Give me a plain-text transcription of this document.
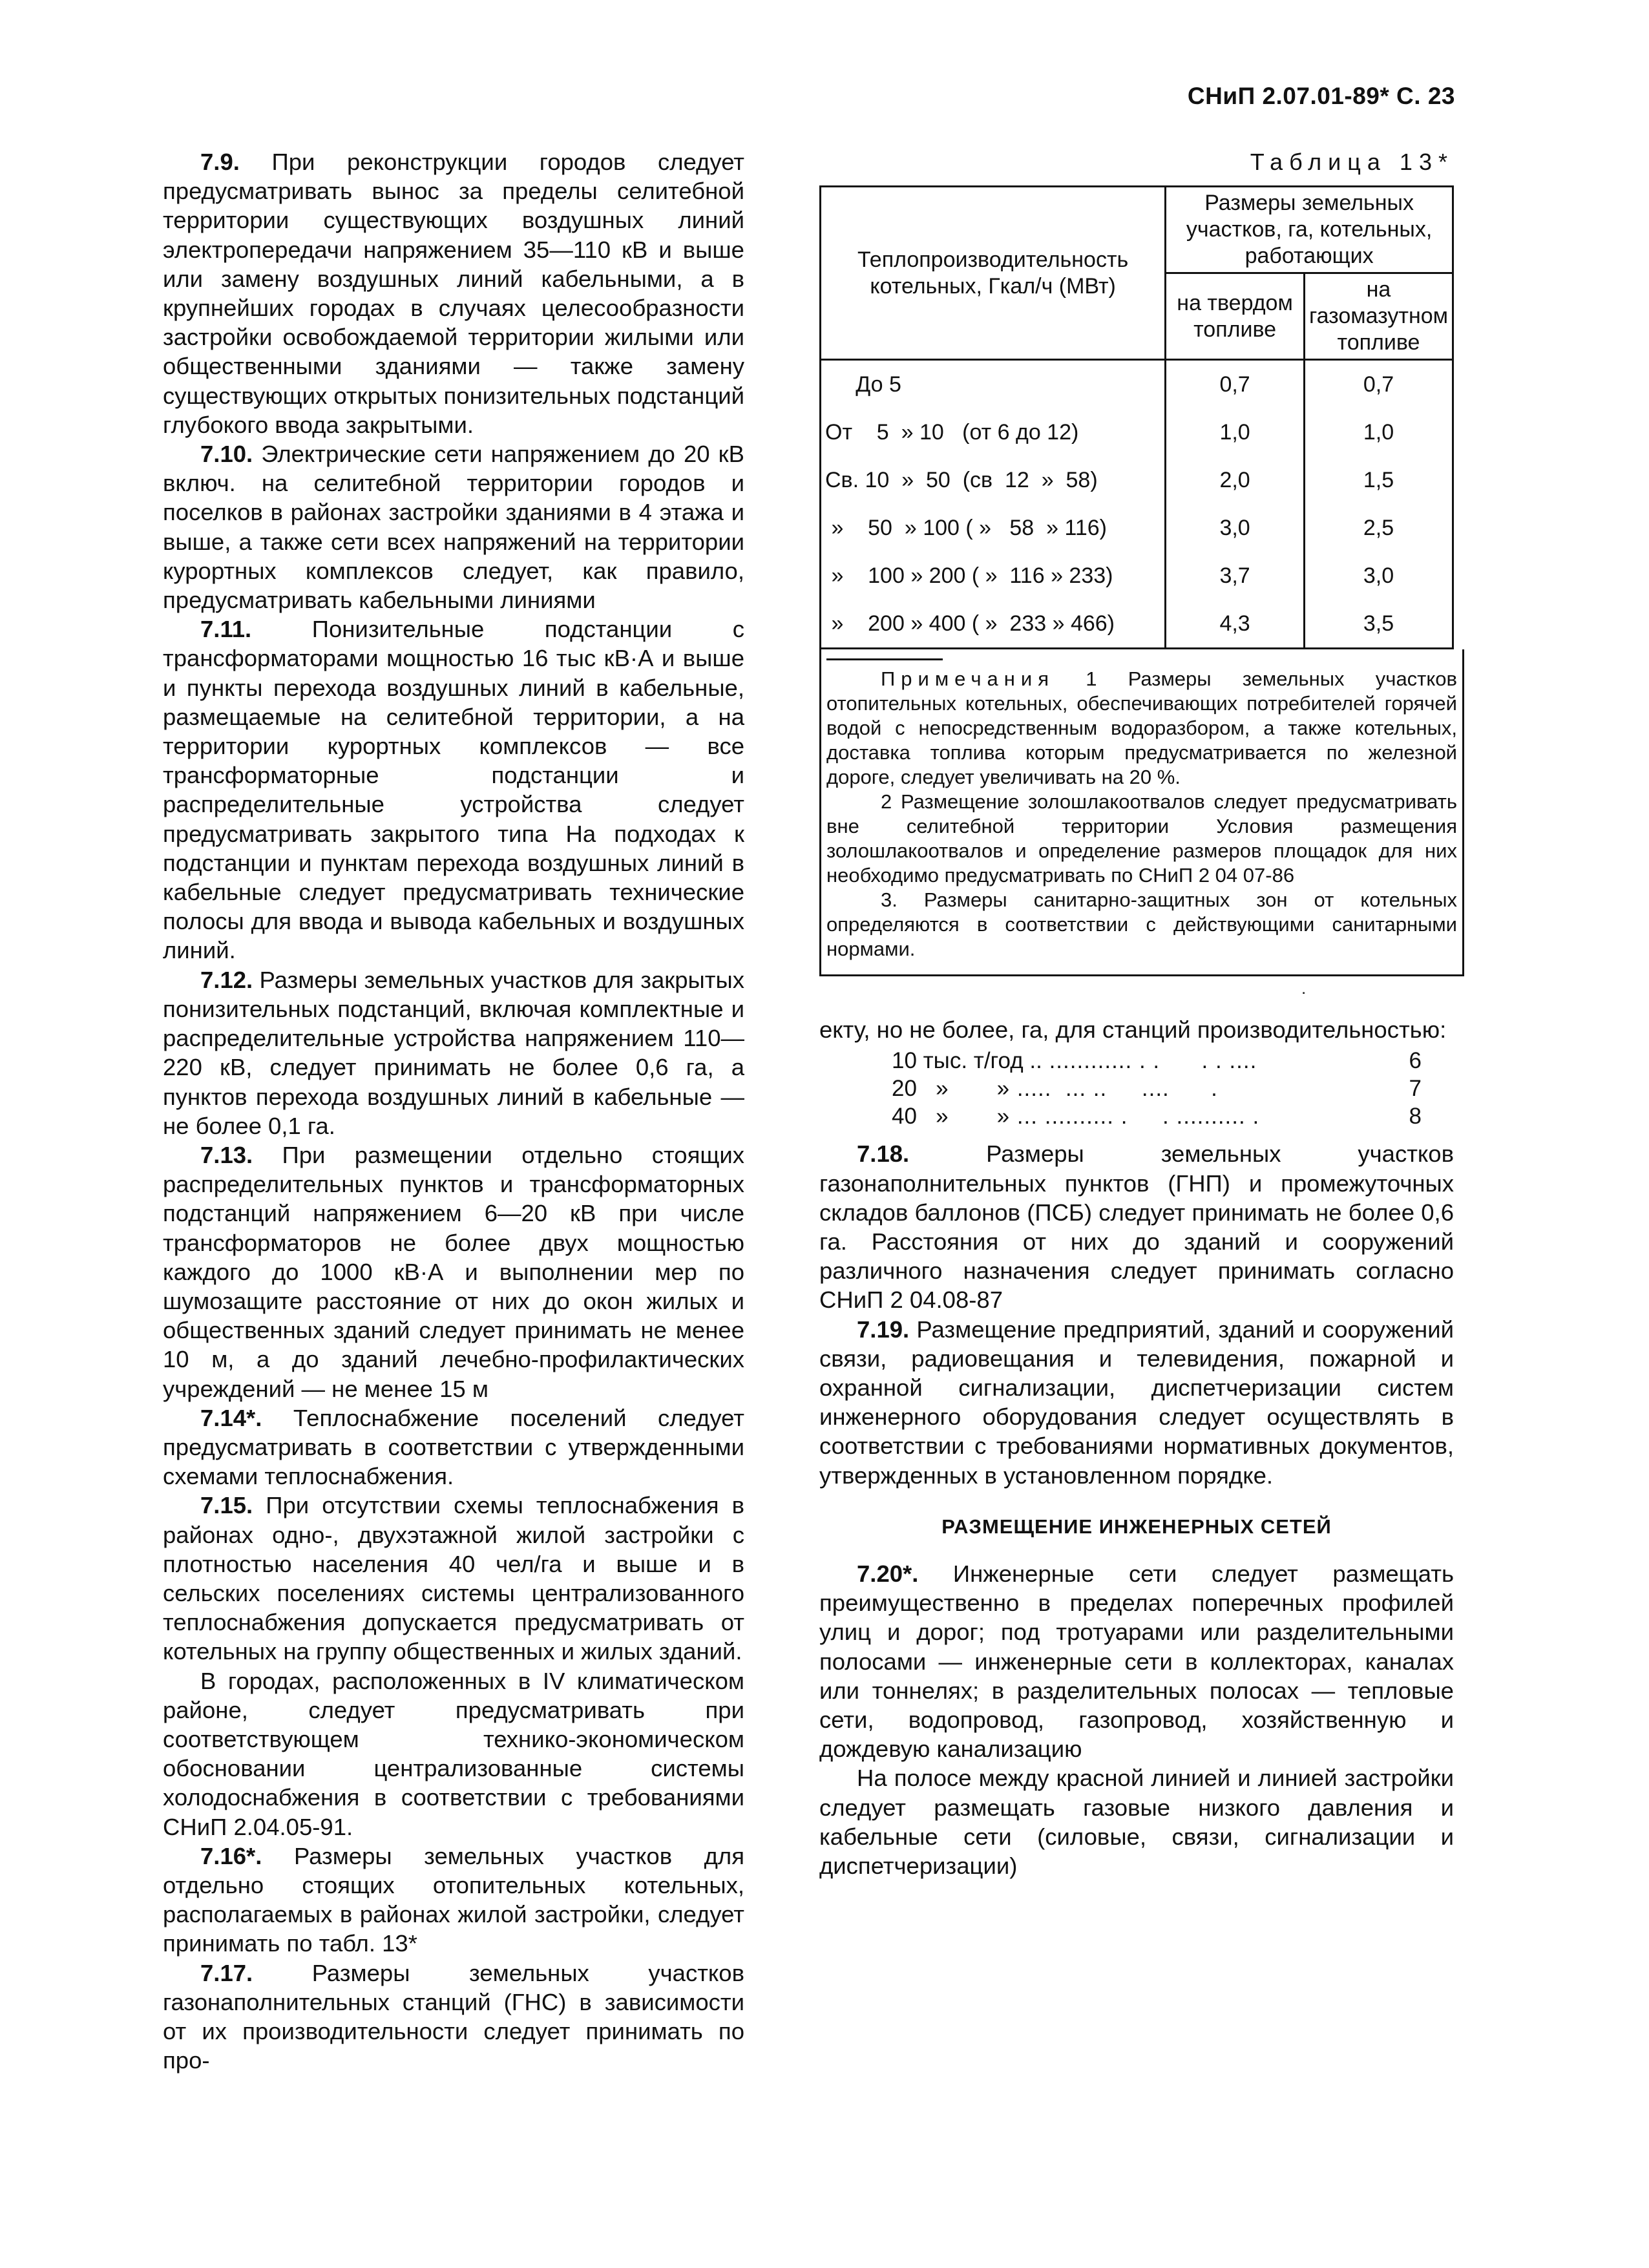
СНиП 2.07.01-89* С. 23

7.9. При реконструкции городов следует предусматривать вынос за пределы селитебной территории существующих воздушных линий электропередачи напряжением 35—110 кВ и выше или замену воздушных линий кабельными, а в крупнейших городах в случаях целесообразности застройки освобождаемой территории жилыми или общественными зданиями — также замену существующих открытых понизительных подстанций глубокого ввода закрытыми.

7.10. Электрические сети напряжением до 20 кВ включ. на селитебной территории городов и поселков в районах застройки зданиями в 4 этажа и выше, а также сети всех напряжений на территории курортных комплексов следует, как правило, предусматривать кабельными линиями

7.11. Понизительные подстанции с трансформаторами мощностью 16 тыс кВ·А и выше и пункты перехода воздушных линий в кабельные, размещаемые на селитебной территории, а на территории курортных комплексов — все трансформаторные подстанции и распределительные устройства следует предусматривать закрытого типа На подходах к подстанции и пунктам перехода воздушных линий в кабельные следует предусматривать технические полосы для ввода и вывода кабельных и воздушных линий.

7.12. Размеры земельных участков для закрытых понизительных подстанций, включая комплектные и распределительные устройства напряжением 110—220 кВ, следует принимать не более 0,6 га, а пунктов перехода воздушных линий в кабельные — не более 0,1 га.

7.13. При размещении отдельно стоящих распределительных пунктов и трансформаторных подстанций напряжением 6—20 кВ при числе трансформаторов не более двух мощностью каждого до 1000 кВ·А и выполнении мер по шумозащите расстояние от них до окон жилых и общественных зданий следует принимать не менее 10 м, а до зданий лечебно-профилактических учреждений — не менее 15 м

7.14*. Теплоснабжение поселений следует предусматривать в соответствии с утвержденными схемами теплоснабжения.

7.15. При отсутствии схемы теплоснабжения в районах одно-, двухэтажной жилой застройки с плотностью населения 40 чел/га и выше и в сельских поселениях системы централизованного теплоснабжения допускается предусматривать от котельных на группу общественных и жилых зданий.

В городах, расположенных в IV климатическом районе, следует предусматривать при соответствующем технико-экономическом обосновании централизованные системы холодоснабжения в соответствии с требованиями СНиП 2.04.05-91.

7.16*. Размеры земельных участков для отдельно стоящих отопительных котельных, располагаемых в районах жилой застройки, следует принимать по табл. 13*

7.17. Размеры земельных участков газонаполнительных станций (ГНС) в зависимости от их производительности следует принимать по про-

Таблица 13*
Теплопроизводительность котельных, Гкал/ч (МВт)	Размеры земельных участков, га, котельных, работающих	
	на твердом топливе	на газомазутном топливе
До 5	0,7	0,7
От    5  » 10   (от 6 до 12)	1,0	1,0
Св. 10  »  50  (св  12  »  58)	2,0	1,5
»    50  » 100 ( »   58  » 116)	3,0	2,5
»    100 » 200 ( »  116 » 233)	3,7	3,0
»    200 » 400 ( »  233 » 466)	4,3	3,5

Примечания 1 Размеры земельных участков отопительных котельных, обеспечивающих потребителей горячей водой с непосредственным водоразбором, а также котельных, доставка топлива которым предусматривается по железной дороге, следует увеличивать на 20 %.

2 Размещение золошлакоотвалов следует предусматривать вне селитебной территории Условия размещения золошлакоотвалов и определение размеров площадок для них необходимо предусматривать по СНиП 2 04 07-86

3. Размеры санитарно-защитных зон от котельных определяются в соответствии с действующими санитарными нормами.

˙

екту, но не более, га, для станций производительностью:

10 тыс. т/год .. ............ . .      . . ....	6
20   » » .....  ... ..     ....      .	7
40   » » ... .......... .     . .......... .	8

7.18. Размеры земельных участков газонаполнительных пунктов (ГНП) и промежуточных складов баллонов (ПСБ) следует принимать не более 0,6 га. Расстояния от них до зданий и сооружений различного назначения следует принимать согласно СНиП 2 04.08-87

7.19. Размещение предприятий, зданий и сооружений связи, радиовещания и телевидения, пожарной и охранной сигнализации, диспетчеризации систем инженерного оборудования следует осуществлять в соответствии с требованиями нормативных документов, утвержденных в установленном порядке.

РАЗМЕЩЕНИЕ ИНЖЕНЕРНЫХ СЕТЕЙ

7.20*. Инженерные сети следует размещать преимущественно в пределах поперечных профилей улиц и дорог; под тротуарами или разделительными полосами — инженерные сети в коллекторах, каналах или тоннелях; в разделительных полосах — тепловые сети, водопровод, газопровод, хозяйственную и дождевую канализацию

На полосе между красной линией и линией застройки следует размещать газовые низкого давления и кабельные сети (силовые, связи, сигнализации и диспетчеризации)
